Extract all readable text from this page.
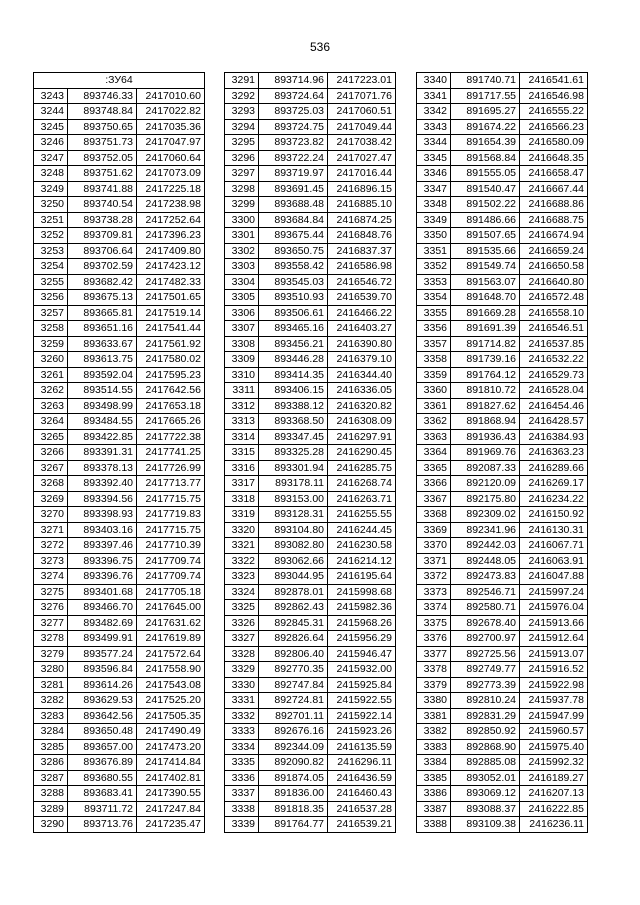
536
:ЗУ64		
3243	893746.33	2417010.60
3244	893748.84	2417022.82
3245	893750.65	2417035.36
3246	893751.73	2417047.97
3247	893752.05	2417060.64
3248	893751.62	2417073.09
3249	893741.88	2417225.18
3250	893740.54	2417238.98
3251	893738.28	2417252.64
3252	893709.81	2417396.23
3253	893706.64	2417409.80
3254	893702.59	2417423.12
3255	893682.42	2417482.33
3256	893675.13	2417501.65
3257	893665.81	2417519.14
3258	893651.16	2417541.44
3259	893633.67	2417561.92
3260	893613.75	2417580.02
3261	893592.04	2417595.23
3262	893514.55	2417642.56
3263	893498.99	2417653.18
3264	893484.55	2417665.26
3265	893422.85	2417722.38
3266	893391.31	2417741.25
3267	893378.13	2417726.99
3268	893392.40	2417713.77
3269	893394.56	2417715.75
3270	893398.93	2417719.83
3271	893403.16	2417715.75
3272	893397.46	2417710.39
3273	893396.75	2417709.74
3274	893396.76	2417709.74
3275	893401.68	2417705.18
3276	893466.70	2417645.00
3277	893482.69	2417631.62
3278	893499.91	2417619.89
3279	893577.24	2417572.64
3280	893596.84	2417558.90
3281	893614.26	2417543.08
3282	893629.53	2417525.20
3283	893642.56	2417505.35
3284	893650.48	2417490.49
3285	893657.00	2417473.20
3286	893676.89	2417414.84
3287	893680.55	2417402.81
3288	893683.41	2417390.55
3289	893711.72	2417247.84
3290	893713.76	2417235.47
3291	893714.96	2417223.01
3292	893724.64	2417071.76
3293	893725.03	2417060.51
3294	893724.75	2417049.44
3295	893723.82	2417038.42
3296	893722.24	2417027.47
3297	893719.97	2417016.44
3298	893691.45	2416896.15
3299	893688.48	2416885.10
3300	893684.84	2416874.25
3301	893675.44	2416848.76
3302	893650.75	2416837.37
3303	893558.42	2416586.98
3304	893545.03	2416546.72
3305	893510.93	2416539.70
3306	893506.61	2416466.22
3307	893465.16	2416403.27
3308	893456.21	2416390.80
3309	893446.28	2416379.10
3310	893414.35	2416344.40
3311	893406.15	2416336.05
3312	893388.12	2416320.82
3313	893368.50	2416308.09
3314	893347.45	2416297.91
3315	893325.28	2416290.45
3316	893301.94	2416285.75
3317	893178.11	2416268.74
3318	893153.00	2416263.71
3319	893128.31	2416255.55
3320	893104.80	2416244.45
3321	893082.80	2416230.58
3322	893062.66	2416214.12
3323	893044.95	2416195.64
3324	892878.01	2415998.68
3325	892862.43	2415982.36
3326	892845.31	2415968.26
3327	892826.64	2415956.29
3328	892806.40	2415946.47
3329	892770.35	2415932.00
3330	892747.84	2415925.84
3331	892724.81	2415922.55
3332	892701.11	2415922.14
3333	892676.16	2415923.26
3334	892344.09	2416135.59
3335	892090.82	2416296.11
3336	891874.05	2416436.59
3337	891836.00	2416460.43
3338	891818.35	2416537.28
3339	891764.77	2416539.21
3340	891740.71	2416541.61
3341	891717.55	2416546.98
3342	891695.27	2416555.22
3343	891674.22	2416566.23
3344	891654.39	2416580.09
3345	891568.84	2416648.35
3346	891555.05	2416658.47
3347	891540.47	2416667.44
3348	891502.22	2416688.86
3349	891486.66	2416688.75
3350	891507.65	2416674.94
3351	891535.66	2416659.24
3352	891549.74	2416650.58
3353	891563.07	2416640.80
3354	891648.70	2416572.48
3355	891669.28	2416558.10
3356	891691.39	2416546.51
3357	891714.82	2416537.85
3358	891739.16	2416532.22
3359	891764.12	2416529.73
3360	891810.72	2416528.04
3361	891827.62	2416454.46
3362	891868.94	2416428.57
3363	891936.43	2416384.93
3364	891969.76	2416363.23
3365	892087.33	2416289.66
3366	892120.09	2416269.17
3367	892175.80	2416234.22
3368	892309.02	2416150.92
3369	892341.96	2416130.31
3370	892442.03	2416067.71
3371	892448.05	2416063.91
3372	892473.83	2416047.88
3373	892546.71	2415997.24
3374	892580.71	2415976.04
3375	892678.40	2415913.66
3376	892700.97	2415912.64
3377	892725.56	2415913.07
3378	892749.77	2415916.52
3379	892773.39	2415922.98
3380	892810.24	2415937.78
3381	892831.29	2415947.99
3382	892850.92	2415960.57
3383	892868.90	2415975.40
3384	892885.08	2415992.32
3385	893052.01	2416189.27
3386	893069.12	2416207.13
3387	893088.37	2416222.85
3388	893109.38	2416236.11
